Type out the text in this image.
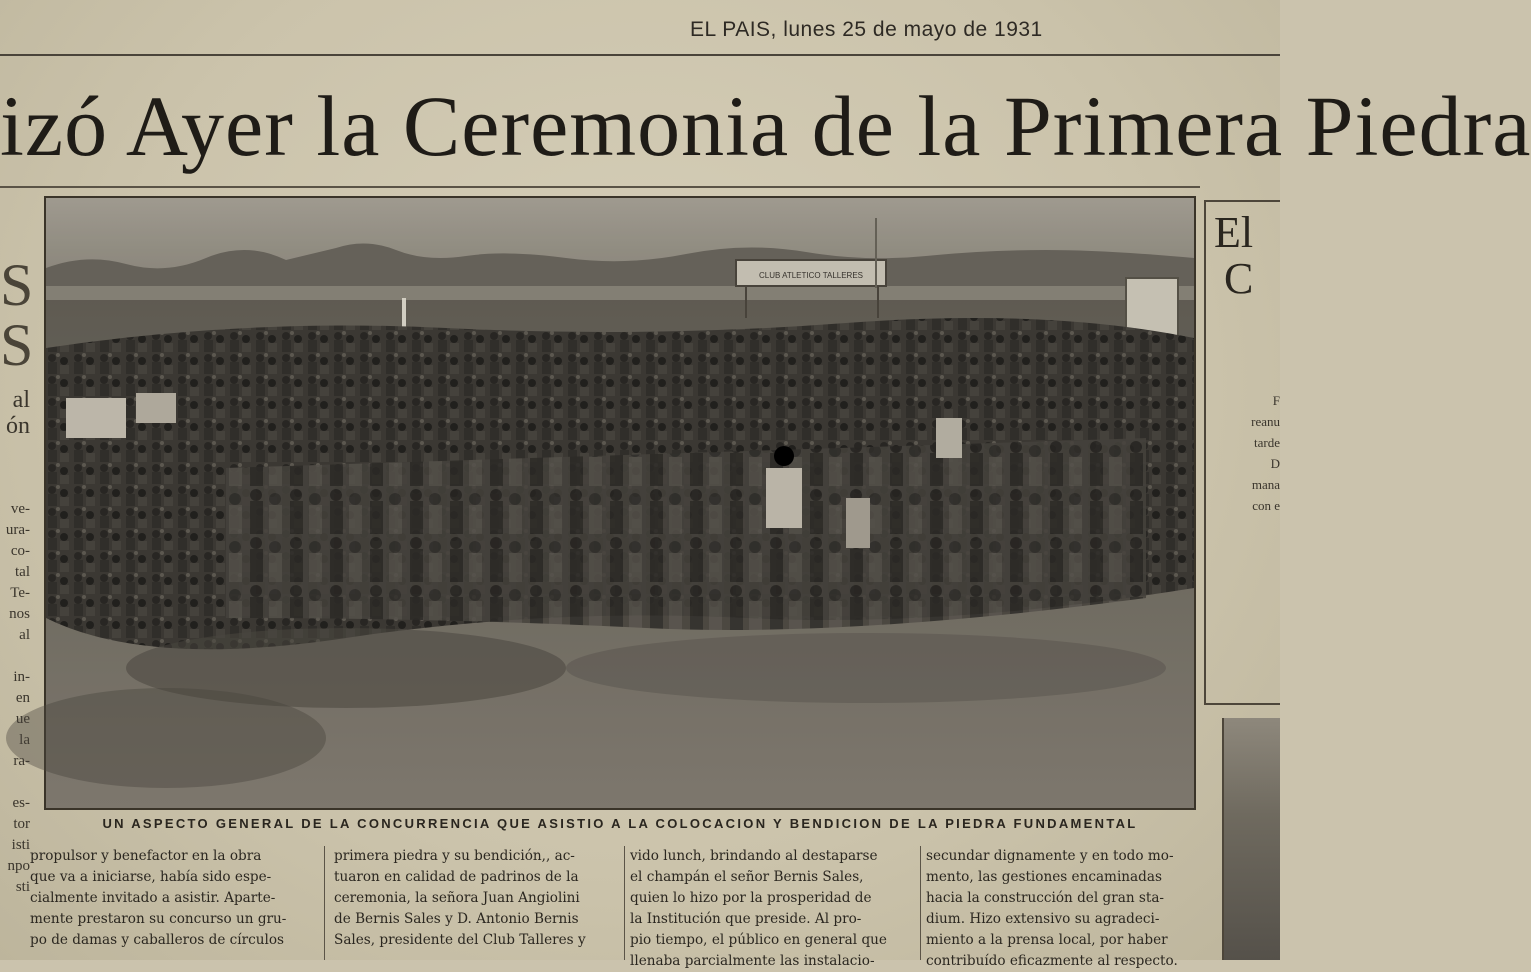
EL PAIS, lunes 25 de mayo de 1931
izó Ayer la Ceremonia de la Primera Piedra
S
S
al
ón
ve-
ura-
co-
tal
Te-
nos
al
in-
en
ue
la
ra-
es-
tor
isti
npo
sti
CLUB ATLETICO TALLERES
UN ASPECTO GENERAL DE LA CONCURRENCIA QUE ASISTIO A LA COLOCACION Y BENDICION DE LA PIEDRA FUNDAMENTAL
El
C
F
reanu
tarde
D
mana
con e
propulsor y benefactor en la obra
que va a iniciarse, había sido espe-
cialmente invitado a asistir. Aparte-
mente prestaron su concurso un gru-
po de damas y caballeros de círculos
primera piedra y su bendición,, ac-
tuaron en calidad de padrinos de la
ceremonia, la señora Juan Angiolini
de Bernis Sales y D. Antonio Bernis
Sales, presidente del Club Talleres y
vido lunch, brindando al destaparse
el champán el señor Bernis Sales,
quien lo hizo por la prosperidad de
la Institución que preside. Al pro-
pio tiempo, el público en general que
llenaba parcialmente las instalacio-
secundar dignamente y en todo mo-
mento, las gestiones encaminadas
hacia la construcción del gran sta-
dium. Hizo extensivo su agradeci-
miento a la prensa local, por haber
contribuído eficazmente al respecto.
